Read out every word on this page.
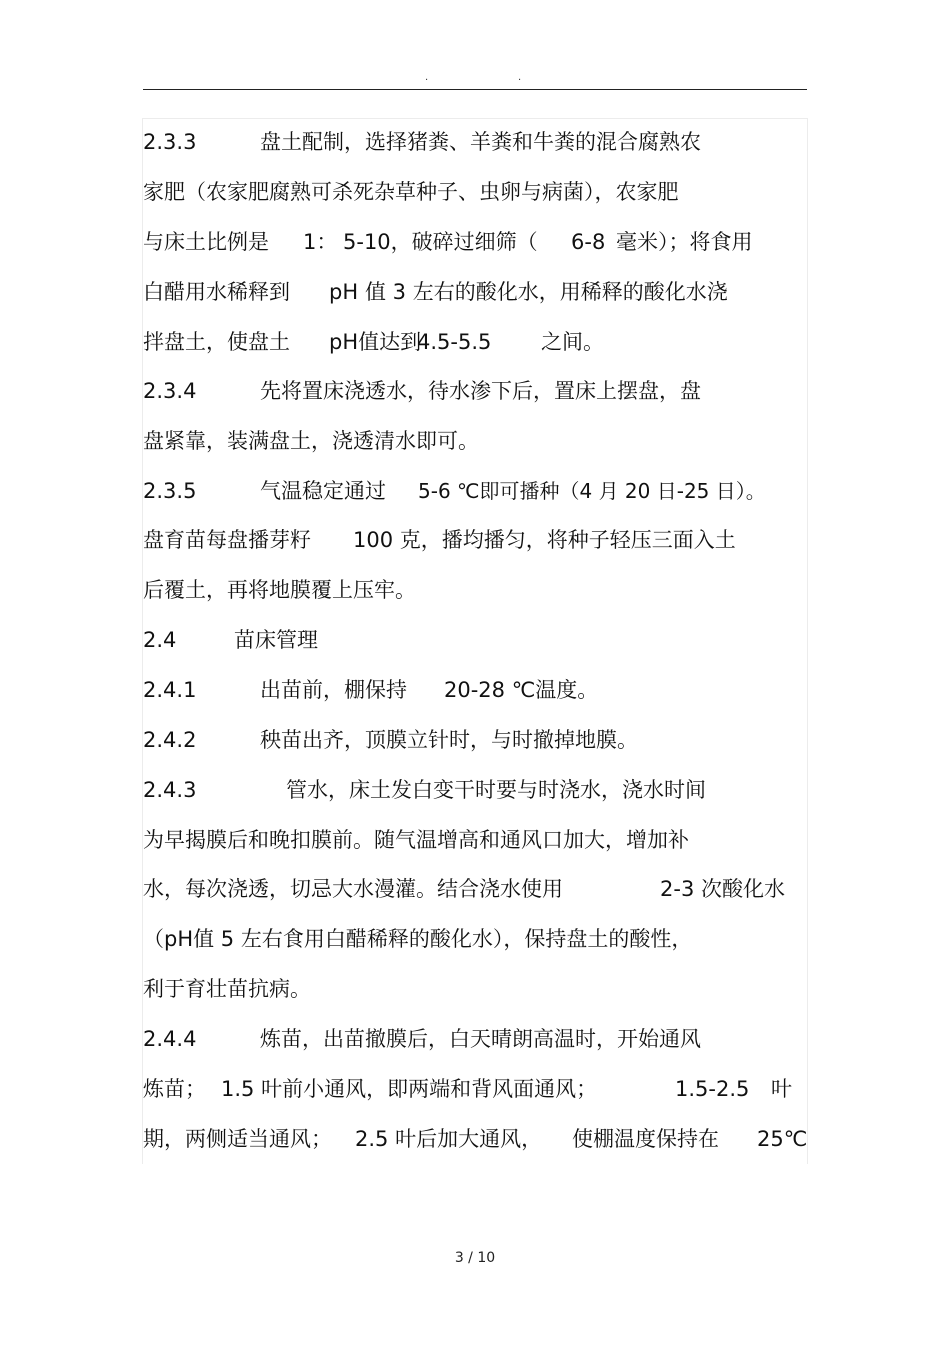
.	.
2.3.3	盘土配制，选择猪粪、羊粪和牛粪的混合腐熟农
家肥（农家肥腐熟可杀死杂草种子、虫卵与病菌），农家肥
与床土比例是 1： 5-10，破碎过细筛（ 6-8 毫米）；将食用
白醋用水稀释到 pH 值 3 左右的酸化水，用稀释的酸化水浇
拌盘土，使盘土 pH值达到4.5-5.5 之间。
2.3.4	先将置床浇透水，待水渗下后，置床上摆盘，盘
盘紧靠，装满盘土，浇透清水即可。
2.3.5	气温稳定通过 5-6 ℃即可播种（4 月 20 日-25 日）。
盘育苗每盘播芽籽 100 克，播均播匀，将种子轻压三面入土
后覆土，再将地膜覆上压牢。
2.4	苗床管理
2.4.1	出苗前，棚保持 20-28 ℃温度。
2.4.2	秧苗出齐，顶膜立针时，与时撤掉地膜。
2.4.3	管水，床土发白变干时要与时浇水，浇水时间
为早揭膜后和晚扣膜前。随气温增高和通风口加大，增加补
水，每次浇透，切忌大水漫灌。结合浇水使用	2-3 次酸化水
（pH值 5 左右食用白醋稀释的酸化水），保持盘土的酸性，
利于育壮苗抗病。
2.4.4	炼苗，出苗撤膜后，白天晴朗高温时，开始通风
炼苗； 1.5 叶前小通风，即两端和背风面通风；	1.5-2.5 叶
期，两侧适当通风； 2.5 叶后加大通风， 使棚温度保持在 25℃
3 / 10
